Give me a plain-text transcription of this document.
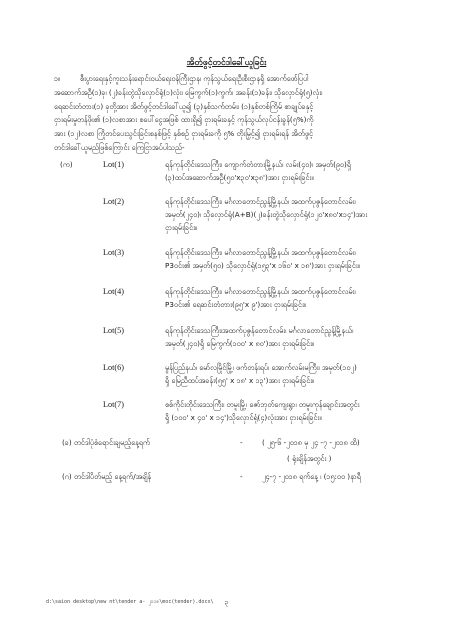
အိတ်ဖွင့်တင်ဒါခေါ်ယူခြင်း
၁။	စီးပွားရေးနှင့်ကူးသန်းရောင်းဝယ်ရေးဝန်ကြီးဌာန၊ ကုန်သွယ်ရေးဦးစီးဌာနရှိ အောက်ဖော်ပြပါ
အဆောက်အဦ(၁)ခု၊ (၂)ခန်းတွဲသိုလှောင်ရုံ(၁)လုံး၊ မြေကွက်(၁)ကွက်၊ အခန်း(၁)ခန်း၊ သိုလှောင်ရုံ(၅)လုံး၊
ရေဆင်းတံတား(၁) ခုတို့အား အိတ်ဖွင့်တင်ဒါခေါ်ယူ၍ (၃)နှစ်သက်တမ်း၊ (၁)နှစ်တစ်ကြိမ် စာချုပ်ခနှင့်
ငှားရမ်းမှုတန်ဖိုး၏ (၁)လစာအား စပေါ်ငွေအဖြစ် ထားရှိ၍ ငှားရမ်းခနှင့် ကုန်သွယ်လုပ်ငန်းခွန်(၅%)ကို
အား (၁၂)လစာ ကြိုတင်ပေးသွင်းခြင်းစနစ်ဖြင့် နှစ်စဉ် ငှားရမ်းခကို ၅% တိုးမြှင့်၍ ငှားရမ်းရန် အိတ်ဖွင့်
တင်ဒါခေါ်ယူမည်ဖြစ်ကြောင်း ကြေငြာအပ်ပါသည်-
(က)	Lot(1)	ရန်ကုန်တိုင်းဒေသကြီး၊ ကျောက်တံတားမြို့နယ်၊ လမ်း(၄၀)၊ အမှတ်(၉၀)ရှိ
(၃)ထပ်အဆောက်အဦ(၅၀'x၃၀'x၃၈')အား ငှားရမ်းခြင်း။
Lot(2)	ရန်ကုန်တိုင်းဒေသကြီး၊ မင်္ဂလာတောင်ညွန့်မြို့နယ်၊ အထက်ပုဇွန်တောင်လမ်း၊
အမှတ်(၂၄၀)၊ သိုလှောင်ရုံ(A+B)(၂)ခန်းတွဲသိုလှောင်ရုံ(၁၂၀'x၈၀'x၁၄')အား
ငှားရမ်းခြင်း။
Lot(3)	ရန်ကုန်တိုင်းဒေသကြီး၊ မင်္ဂလာတောင်ညွန့်မြို့နယ်၊ အထက်ပုဇွန်တောင်လမ်း၊
P3ဝင်း၏ အမှတ်(၅၀) သိုလှောင်ရုံ(၁၅၃'x ၁၆၀' x ၁၈')အား ငှားရမ်းခြင်း။
Lot(4)	ရန်ကုန်တိုင်းဒေသကြီး၊ မင်္ဂလာတောင်ညွန့်မြို့နယ်၊ အထက်ပုဇွန်တောင်လမ်း၊
P3ဝင်း၏ ရေဆင်းတံတား(၉၅'x ၉')အား ငှားရမ်းခြင်း။
Lot(5)	ရန်ကုန်တိုင်းဒေသကြီး၊အထက်ပုဇွန်တောင်လမ်း၊ မင်္ဂလာတောင်ညွန့်မြို့နယ်၊
အမှတ်(၂၄၀)ရှိ မြေကွက်(၁၀၀' x ၈၀')အား ငှားရမ်းခြင်း။
Lot(6)	မွန်ပြည်နယ်၊ မော်လမြိုင်မြို့၊ ဖက်တန်းရပ်၊ အောက်လမ်းမကြီး၊ အမှတ်(၁၀၂)
ရှိ မြေညီထပ်အခန်း(၅၅' x ၁၈' x ၁၃')အား ငှားရမ်းခြင်း။
Lot(7)	စစ်ကိုင်းတိုင်းဒေသကြီး၊ တမူးမြို့၊ ဇော်ဘုတ်ကျေးရွာ၊ တမူးကုန်ချောင်းအတွင်း
ရှိ (၁၀၀' x ၄၀' x ၁၄')သိုလှောင်ရုံ(၄)လုံးအား ငှားရမ်းခြင်း။
(ခ) တင်ဒါပုံစံရောင်းချမည့်နေ့ရက်	-	( ၂၅-၆ -၂၀၁၈ မှ ၂၄ -၇ -၂၀၁၈ ထိ)
( ရုံးချိန်အတွင်း )
(ဂ) တင်ဒါပိတ်မည့် နေ့ရက်/အချိန်	-	၂၄-၇ -၂၀၁၈ ရက်နေ့ ၊ (၁၅:၀၀ )နာရီ
d:\saion desktop\new nt\tender a- ၂၀၁၈\moc(tender).docx\	၃
